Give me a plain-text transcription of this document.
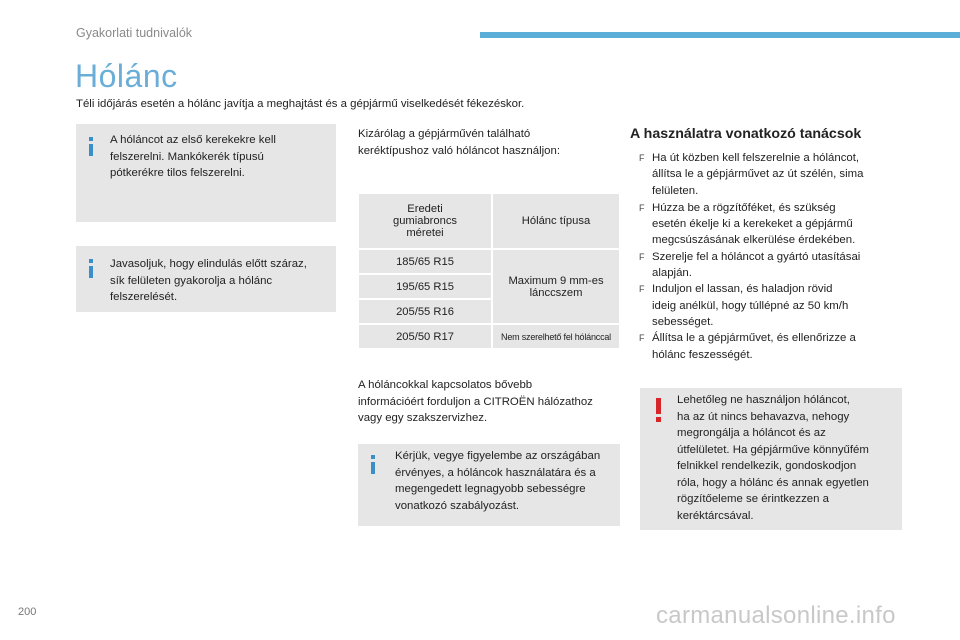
Gyakorlati tudnivalók
Hólánc
Téli időjárás esetén a hólánc javítja a meghajtást és a gépjármű viselkedését fékezéskor.
A hóláncot az első kerekekre kell
felszerelni. Mankókerék típusú
pótkerékre tilos felszerelni.
Javasoljuk, hogy elindulás előtt száraz,
sík felületen gyakorolja a hólánc
felszerelését.
Kizárólag a gépjárművén található
keréktípushoz való hóláncot használjon:
Eredeti
gumiabroncs
méretei	Hólánc típusa
185/65 R15	Maximum 9 mm-es
lánccszem

195/65 R15	
205/55 R16	
205/50 R17	Nem szerelhető fel hólánccal
A hóláncokkal kapcsolatos bővebb
információért forduljon a CITROËN hálózathoz
vagy egy szakszervizhez.
Kérjük, vegye figyelembe az országában
érvényes, a hóláncok használatára és a
megengedett legnagyobb sebességre
vonatkozó szabályozást.
A használatra vonatkozó tanácsok
F Ha út közben kell felszerelnie a hóláncot,
állítsa le a gépjárművet az út szélén, sima
felületen.
F Húzza be a rögzítőféket, és szükség
esetén ékelje ki a kerekeket a gépjármű
megcsúszásának elkerülése érdekében.
F Szerelje fel a hóláncot a gyártó utasításai
alapján.
F Induljon el lassan, és haladjon rövid
ideig anélkül, hogy túllépné az 50 km/h
sebességet.
F Állítsa le a gépjárművet, és ellenőrizze a
hólánc feszességét.
Lehetőleg ne használjon hóláncot,
ha az út nincs behavazva, nehogy
megrongálja a hóláncot és az
útfelületet. Ha gépjárműve könnyűfém
felnikkel rendelkezik, gondoskodjon
róla, hogy a hólánc és annak egyetlen
rögzítőeleme se érintkezzen a
keréktárcsával.
200	carmanualsonline.info
